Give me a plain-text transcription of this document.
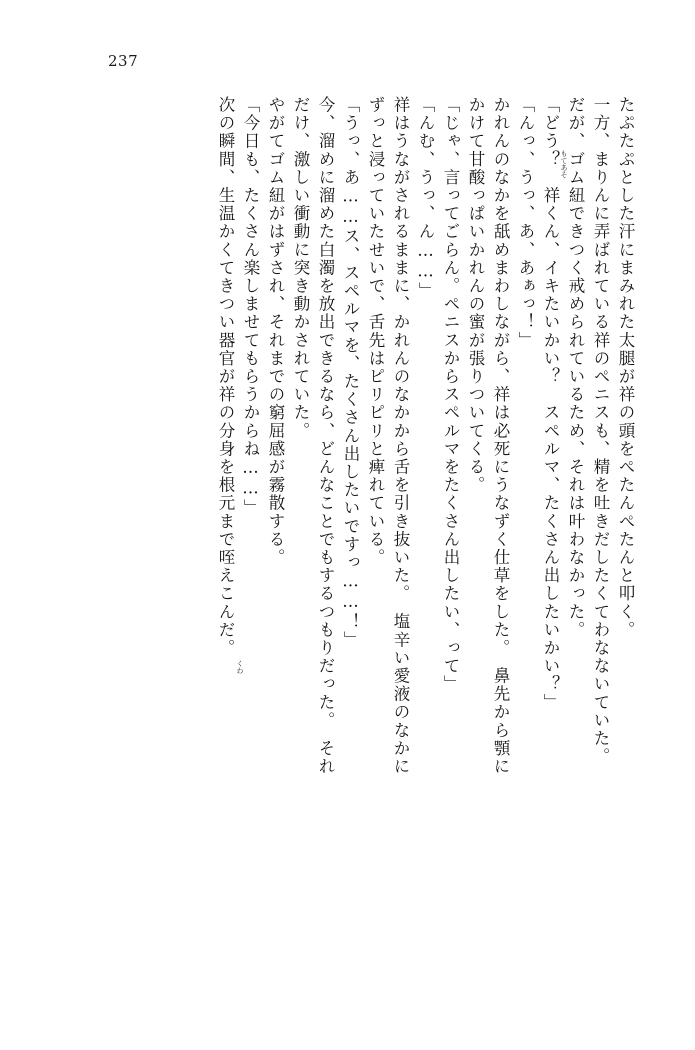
237
たぷたぷとした汗にまみれた太腿が祥の頭をぺたんぺたんと叩く。
一方、まりんに弄ばれている祥のペニスも、精を吐きだしたくてわなないていた。
だが、ゴム紐できつく戒められているため、それは叶わなかった。
「どう？　祥くん、イキたいかい？　スペルマ、たくさん出したいかい？」
「んっ、うっ、あ、あぁっ！」
かれんのなかを舐めまわしながら、祥は必死にうなずく仕草をした。　鼻先から顎に
かけて甘酸っぱいかれんの蜜が張りついてくる。
「じゃ、言ってごらん。ペニスからスペルマをたくさん出したい、って」
「んむ、うっ、ん……」
祥はうながされるままに、かれんのなかから舌を引き抜いた。　塩辛い愛液のなかに
ずっと浸っていたせいで、舌先はピリピリと痺れている。
「うっ、あ……ス、スペルマを、たくさん出したいですっ……！」
今、溜めに溜めた白濁を放出できるなら、どんなことでもするつもりだった。　それ
だけ、激しい衝動に突き動かされていた。
やがてゴム紐がはずされ、それまでの窮屈感が霧散する。
「今日も、たくさん楽しませてもらうからね……」
次の瞬間、生温かくてきつい器官が祥の分身を根元まで咥えこんだ。	もてあそ
くわ
